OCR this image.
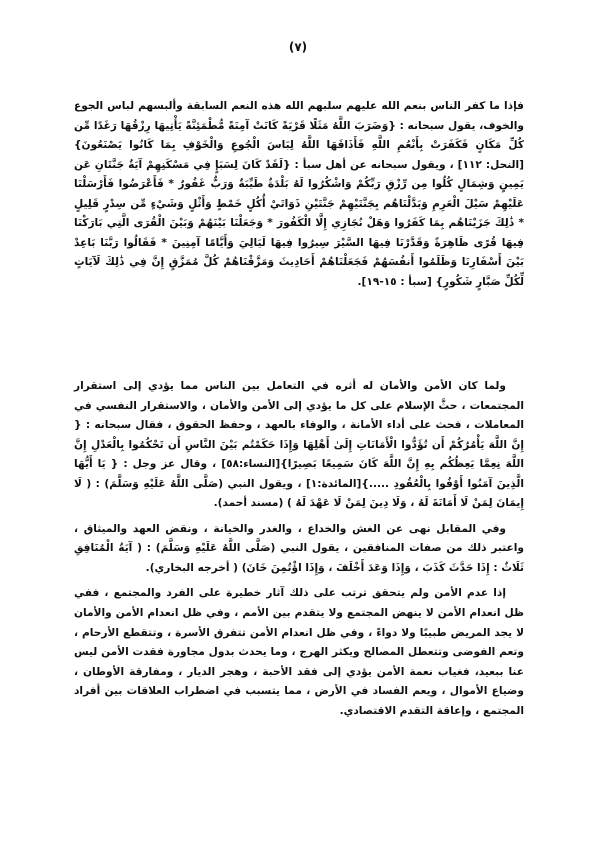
(٧)

فإذا ما كفر الناس بنعم الله عليهم سلبهم الله هذه النعم السابقة وألبسهم لباس الجوع والخوف، يقول سبحانه : {وَضَرَبَ اللَّهُ مَثَلًا قَرْيَةً كَانَتْ آمِنَةً مُّطْمَئِنَّةً يَأْتِيهَا رِزْقُهَا رَغَدًا مِّن كُلِّ مَكَانٍ فَكَفَرَتْ بِأَنْعُمِ اللَّهِ فَأَذَاقَهَا اللَّهُ لِبَاسَ الْجُوعِ وَالْخَوْفِ بِمَا كَانُوا يَصْنَعُونَ} [النحل: ١١٢] ، ويقول سبحانه عن أهل سبأ : {لَقَدْ كَانَ لِسَبَإٍ فِي مَسْكَنِهِمْ آيَةٌ جَنَّتَانِ عَن يَمِينٍ وَشِمَالٍ كُلُوا مِن رِّزْقِ رَبِّكُمْ وَاشْكُرُوا لَهُ بَلْدَةٌ طَيِّبَةٌ وَرَبٌّ غَفُورٌ * فَأَعْرَضُوا فَأَرْسَلْنَا عَلَيْهِمْ سَيْلَ الْعَرِمِ وَبَدَّلْنَاهُم بِجَنَّتَيْهِمْ جَنَّتَيْنِ ذَوَاتَيْ أُكُلٍ خَمْطٍ وَأَثْلٍ وَشَيْءٍ مِّن سِدْرٍ قَلِيلٍ * ذَٰلِكَ جَزَيْنَاهُم بِمَا كَفَرُوا وَهَلْ نُجَازِي إِلَّا الْكَفُورَ * وَجَعَلْنَا بَيْنَهُمْ وَبَيْنَ الْقُرَى الَّتِي بَارَكْنَا فِيهَا قُرًى ظَاهِرَةً وَقَدَّرْنَا فِيهَا السَّيْرَ سِيرُوا فِيهَا لَيَالِيَ وَأَيَّامًا آمِنِينَ * فَقَالُوا رَبَّنَا بَاعِدْ بَيْنَ أَسْفَارِنَا وَظَلَمُوا أَنفُسَهُمْ فَجَعَلْنَاهُمْ أَحَادِيثَ وَمَزَّقْنَاهُمْ كُلَّ مُمَزَّقٍ إِنَّ فِي ذَٰلِكَ لَآيَاتٍ لِّكُلِّ صَبَّارٍ شَكُورٍ} [سبأ : ١٥-١٩].

ولما كان الأمن والأمان له أثره في التعامل بين الناس مما يؤدي إلى استقرار المجتمعات ، حثَّ الإسلام على كل ما يؤدي إلى الأمن والأمان ، والاستقرار النفسي في المعاملات ، فحث على أداء الأمانة ، والوفاء بالعهد ، وحفظ الحقوق ، فقال سبحانه : { إِنَّ اللَّهَ يَأْمُرُكُمْ أَن تُؤَدُّوا الْأَمَانَاتِ إِلَىٰ أَهْلِهَا وَإِذَا حَكَمْتُم بَيْنَ النَّاسِ أَن تَحْكُمُوا بِالْعَدْلِ إِنَّ اللَّهَ نِعِمَّا يَعِظُكُم بِهِ إِنَّ اللَّهَ كَانَ سَمِيعًا بَصِيرًا}[النساء:٥٨] ، وقال عز وجل : { يَا أَيُّهَا الَّذِينَ آمَنُوا أَوْفُوا بِالْعُقُودِ .....}[المائدة:١] ، ويقول النبي (صَلَّى اللَّهُ عَلَيْهِ وَسَلَّمَ) : ( لَا إِيمَانَ لِمَنْ لَا أَمَانَةَ لَهُ ، وَلَا دِينَ لِمَنْ لَا عَهْدَ لَهُ ) (مسند أحمد).

وفي المقابل نهى عن الغش والخداع ، والغدر والخيانة ، ونقض العهد والميثاق ، واعتبر ذلك من صفات المنافقين ، يقول النبي (صَلَّى اللَّهُ عَلَيْهِ وَسَلَّمَ) : ( آيَةُ الْمُنَافِقِ ثَلَاثٌ : إِذَا حَدَّثَ كَذَبَ ، وَإِذَا وَعَدَ أَخْلَفَ ، وَإِذَا اؤْتُمِنَ خَانَ) ( أخرجه البخاري).

إذا عدم الأمن ولم يتحقق ترتب على ذلك آثار خطيرة على الفرد والمجتمع ، ففي ظل انعدام الأمن لا ينهض المجتمع ولا يتقدم بين الأمم ، وفي ظل انعدام الأمن والأمان لا يجد المريض طبيبًا ولا دواءً ، وفي ظل انعدام الأمن تتفرق الأسرة ، وتتقطع الأرحام ، وتعم الفوضى وتتعطل المصالح ويكثر الهرج ، وما يحدث بدول مجاورة فقدت الأمن ليس عنا ببعيد، فغياب نعمة الأمن يؤدي إلى فقد الأحبة ، وهجر الديار ، ومفارقة الأوطان ، وضياع الأموال ، ويعم الفساد في الأرض ، مما يتسبب في اضطراب العلاقات بين أفراد المجتمع ، وإعاقة التقدم الاقتصادي.
